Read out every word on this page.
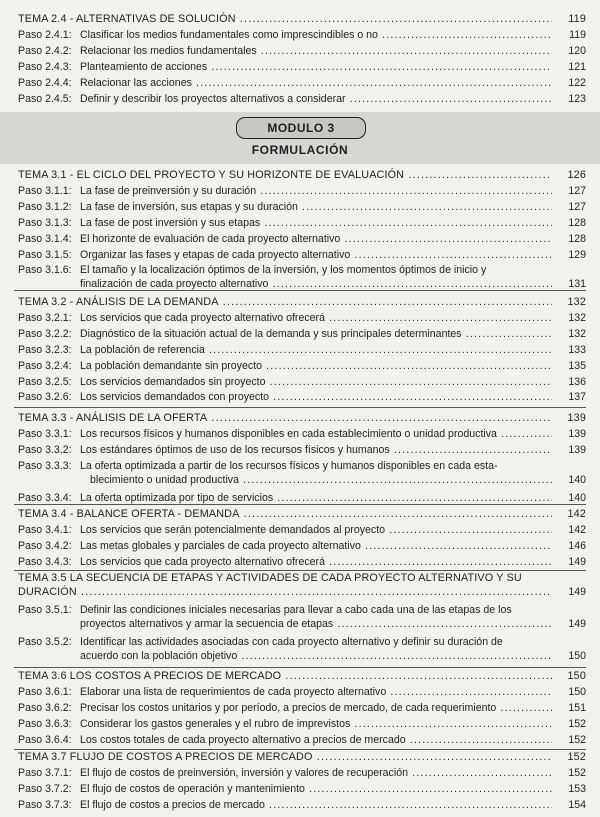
TEMA 2.4 - ALTERNATIVAS DE SOLUCIÓN .....	119
Paso 2.4.1: Clasificar los medios fundamentales como imprescindibles o no .....	119
Paso 2.4.2: Relacionar los medios fundamentales .....	120
Paso 2.4.3: Planteamiento de acciones .....	121
Paso 2.4.4: Relacionar las acciones .....	122
Paso 2.4.5: Definir y describir los proyectos alternativos a considerar .....	123
MODULO 3
FORMULACIÓN
TEMA 3.1 - EL CICLO DEL PROYECTO Y SU HORIZONTE DE EVALUACIÓN .....	126
Paso 3.1.1: La fase de preinversión y su duración .....	127
Paso 3.1.2: La fase de inversión, sus etapas y su duración .....	127
Paso 3.1.3: La fase de post inversión y sus etapas .....	128
Paso 3.1.4: El horizonte de evaluación de cada proyecto alternativo .....	128
Paso 3.1.5: Organizar las fases y etapas de cada proyecto alternativo .....	129
Paso 3.1.6: El tamaño y la localización óptimos de la inversión, y los momentos óptimos de inicio y
finalización de cada proyecto alternativo .....	131
TEMA 3.2 - ANÁLISIS DE LA DEMANDA .....	132
Paso 3.2.1: Los servicios que cada proyecto alternativo ofrecerá .....	132
Paso 3.2.2: Diagnóstico de la situación actual de la demanda y sus principales determinantes .....	132
Paso 3.2.3: La población de referencia .....	133
Paso 3.2.4: La población demandante sin proyecto .....	135
Paso 3.2.5: Los servicios demandados sin proyecto .....	136
Paso 3.2.6: Los servicios demandados con proyecto .....	137
TEMA 3.3 - ANÁLISIS DE LA OFERTA .....	139
Paso 3.3.1: Los recursos físicos y humanos disponibles en cada establecimiento o unidad productiva .....	139
Paso 3.3.2: Los estándares óptimos de uso de los recursos físicos y humanos .....	139
Paso 3.3.3: La oferta optimizada a partir de los recursos físicos y humanos disponibles en cada esta-
blecimiento o unidad productiva .....	140
Paso 3.3.4: La oferta optimizada por tipo de servicios .....	140
TEMA 3.4 - BALANCE OFERTA - DEMANDA .....	142
Paso 3.4.1: Los servicios que serán potencialmente demandados al proyecto .....	142
Paso 3.4.2: Las metas globales y parciales de cada proyecto alternativo .....	146
Paso 3.4.3: Los servicios que cada proyecto alternativo ofrecerá .....	149
TEMA 3.5 LA SECUENCIA DE ETAPAS Y ACTIVIDADES DE CADA PROYECTO ALTERNATIVO Y SU
DURACIÓN .....	149
Paso 3.5.1: Definir las condiciones iniciales necesarias para llevar a cabo cada una de las etapas de los
proyectos alternativos y armar la secuencia de etapas .....	149
Paso 3.5.2: Identificar las actividades asociadas con cada proyecto alternativo y definir su duración de
acuerdo con la población objetivo .....	150
TEMA 3.6 LOS COSTOS A PRECIOS DE MERCADO .....	150
Paso 3.6.1: Elaborar una lista de requerimientos de cada proyecto alternativo .....	150
Paso 3.6.2: Precisar los costos unitarios y por período, a precios de mercado, de cada requerimiento .....	151
Paso 3.6.3: Considerar los gastos generales y el rubro de imprevistos .....	152
Paso 3.6.4: Los costos totales de cada proyecto alternativo a precios de mercado .....	152
TEMA 3.7 FLUJO DE COSTOS A PRECIOS DE MERCADO .....	152
Paso 3.7.1: El flujo de costos de preinversión, inversión y valores de recuperación .....	152
Paso 3.7.2: El flujo de costos de operación y mantenimiento .....	153
Paso 3.7.3: El flujo de costos a precios de mercado .....	154
